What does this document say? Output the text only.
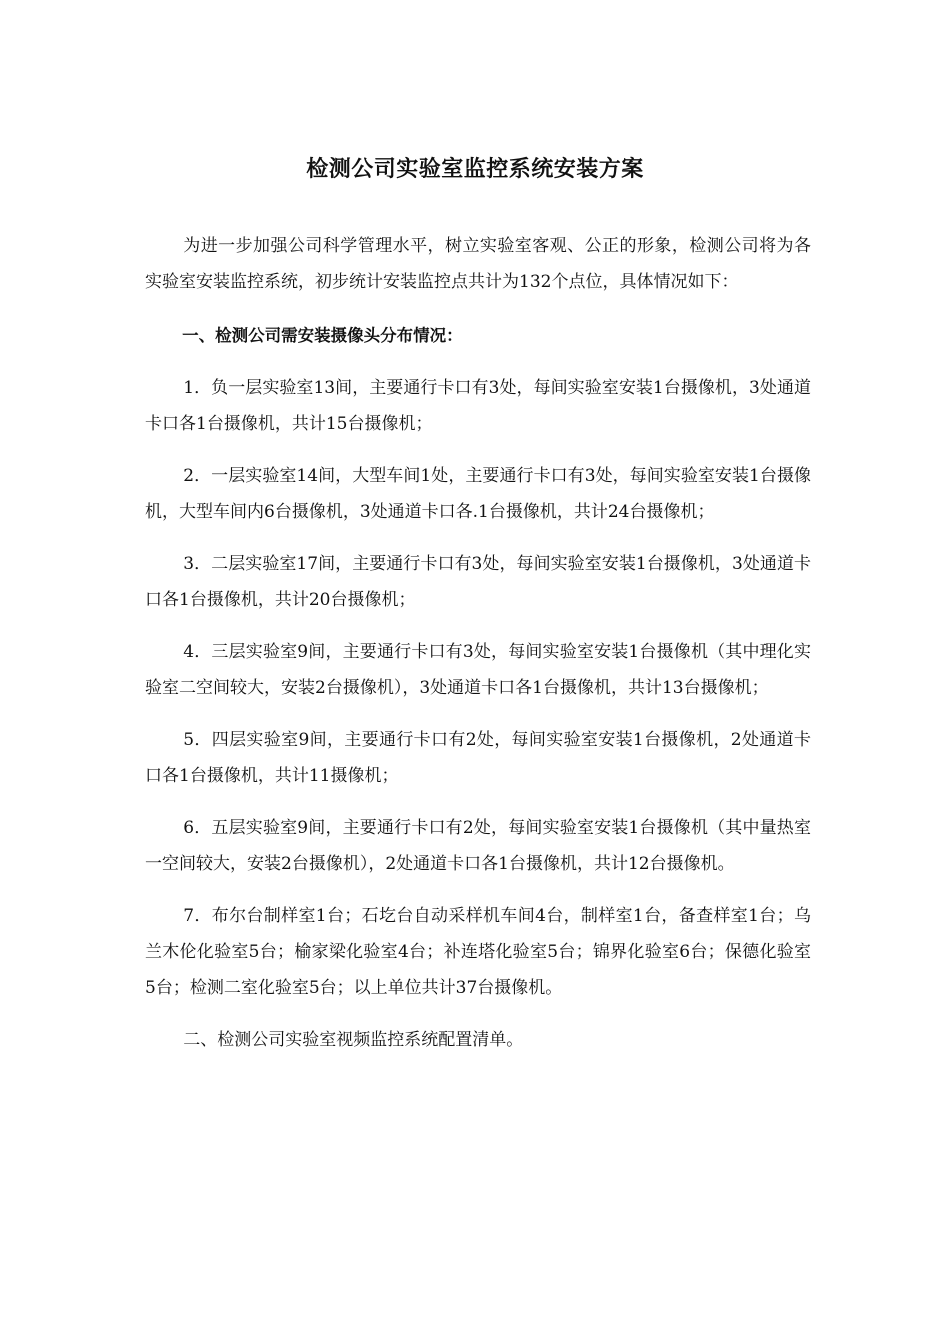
检测公司实验室监控系统安装方案

为进一步加强公司科学管理水平，树立实验室客观、公正的形象，检测公司将为各实验室安装监控系统，初步统计安装监控点共计为132个点位，具体情况如下：

一、检测公司需安装摄像头分布情况：

1．负一层实验室13间，主要通行卡口有3处，每间实验室安装1台摄像机，3处通道卡口各1台摄像机，共计15台摄像机；

2．一层实验室14间，大型车间1处，主要通行卡口有3处，每间实验室安装1台摄像机，大型车间内6台摄像机，3处通道卡口各.1台摄像机，共计24台摄像机；

3．二层实验室17间，主要通行卡口有3处，每间实验室安装1台摄像机，3处通道卡口各1台摄像机，共计20台摄像机；

4．三层实验室9间，主要通行卡口有3处，每间实验室安装1台摄像机（其中理化实验室二空间较大，安装2台摄像机），3处通道卡口各1台摄像机，共计13台摄像机；

5．四层实验室9间，主要通行卡口有2处，每间实验室安装1台摄像机，2处通道卡口各1台摄像机，共计11摄像机；

6．五层实验室9间，主要通行卡口有2处，每间实验室安装1台摄像机（其中量热室一空间较大，安装2台摄像机），2处通道卡口各1台摄像机，共计12台摄像机。

7．布尔台制样室1台；石圪台自动采样机车间4台，制样室1台，备查样室1台；乌兰木伦化验室5台；榆家梁化验室4台；补连塔化验室5台；锦界化验室6台；保德化验室5台；检测二室化验室5台；以上单位共计37台摄像机。

二、检测公司实验室视频监控系统配置清单。
